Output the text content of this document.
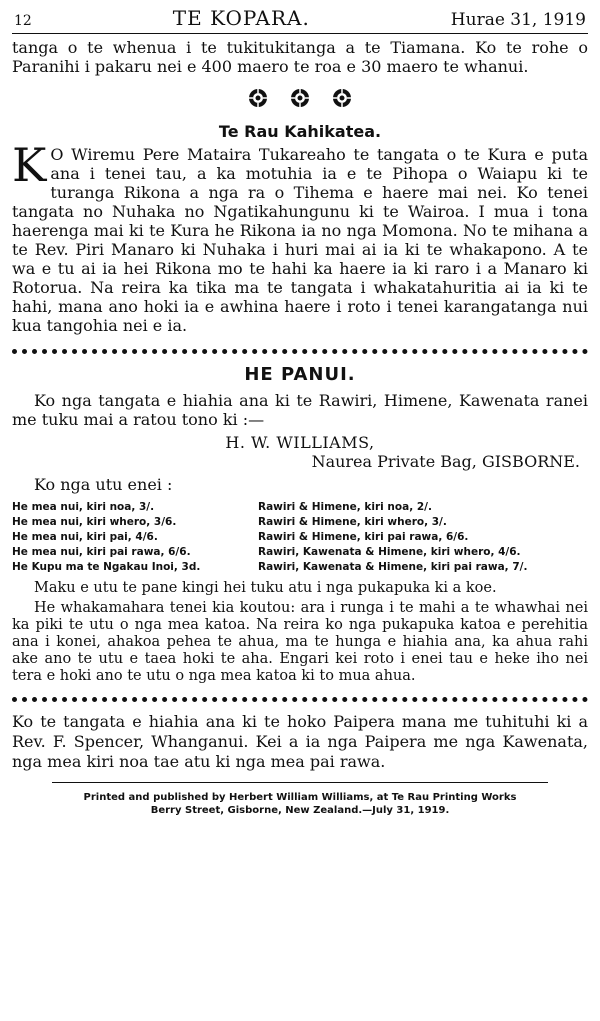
12	TE KOPARA.	Hurae 31, 1919

tanga o te whenua i te tukitukitanga a te Tiamana. Ko te rohe o Paranihi i pakaru nei e 400 maero te roa e 30 maero te whanui.

Te Rau Kahikatea.
K O Wiremu Pere Mataira Tukareaho te tangata o te Kura e puta ana i tenei tau, a ka motuhia ia e te Pihopa o Waiapu ki te turanga Rikona a nga ra o Tihema e haere mai nei. Ko tenei tangata no Nuhaka no Ngatikahungunu ki te Wairoa. I mua i tona haerenga mai ki te Kura he Rikona ia no nga Momona. No te mihana a te Rev. Piri Manaro ki Nuhaka i huri mai ai ia ki te whakapono. A te wa e tu ai ia hei Rikona mo te hahi ka haere ia ki raro i a Manaro ki Rotorua. Na reira ka tika ma te tangata i whakatahuritia ai ia ki te hahi, mana ano hoki ia e awhina haere i roto i tenei karangatanga nui kua tangohia nei e ia.

HE PANUI.

Ko nga tangata e hiahia ana ki te Rawiri, Himene, Kawenata ranei me tuku mai a ratou tono ki :—

H. W. WILLIAMS,
Naurea Private Bag, GISBORNE.
Ko nga utu enei :
He mea nui, kiri noa, 3/.	Rawiri & Himene, kiri noa, 2/.
He mea nui, kiri whero, 3/6.	Rawiri & Himene, kiri whero, 3/.
He mea nui, kiri pai, 4/6.	Rawiri & Himene, kiri pai rawa, 6/6.
He mea nui, kiri pai rawa, 6/6.	Rawiri, Kawenata & Himene, kiri whero, 4/6.
He Kupu ma te Ngakau Inoi, 3d.	Rawiri, Kawenata & Himene, kiri pai rawa, 7/.

Maku e utu te pane kingi hei tuku atu i nga pukapuka ki a koe.

He whakamahara tenei kia koutou: ara i runga i te mahi a te whawhai nei ka piki te utu o nga mea katoa. Na reira ko nga pukapuka katoa e perehitia ana i konei, ahakoa pehea te ahua, ma te hunga e hiahia ana, ka ahua rahi ake ano te utu e taea hoki te aha. Engari kei roto i enei tau e heke iho nei tera e hoki ano te utu o nga mea katoa ki to mua ahua.

Ko te tangata e hiahia ana ki te hoko Paipera mana me tuhituhi ki a Rev. F. Spencer, Whanganui. Kei a ia nga Paipera me nga Kawenata, nga mea kiri noa tae atu ki nga mea pai rawa.

Printed and published by Herbert William Williams, at Te Rau Printing Works
Berry Street, Gisborne, New Zealand.—July 31, 1919.
